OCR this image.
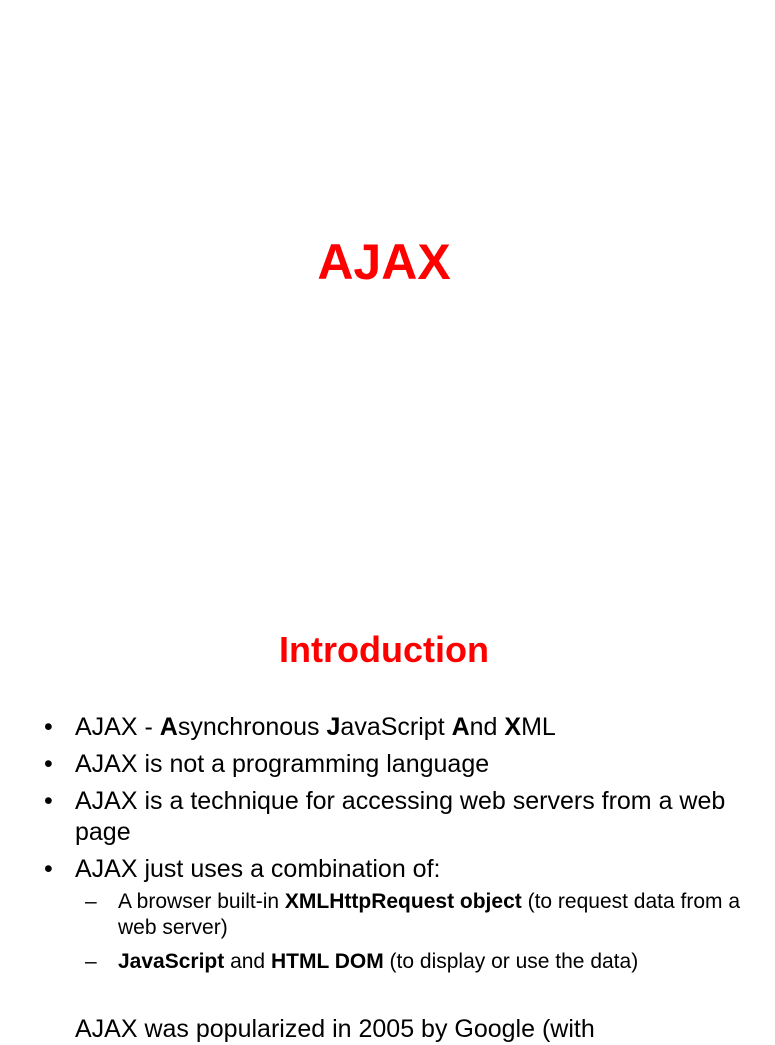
AJAX
Introduction
• AJAX - Asynchronous JavaScript And XML
• AJAX is not a programming language
• AJAX is a technique for accessing web servers from a web page
• AJAX just uses a combination of:
–	A browser built-in XMLHttpRequest object (to request data from a web server)
–	JavaScript and HTML DOM (to display or use the data)
AJAX was popularized in 2005 by Google (with
